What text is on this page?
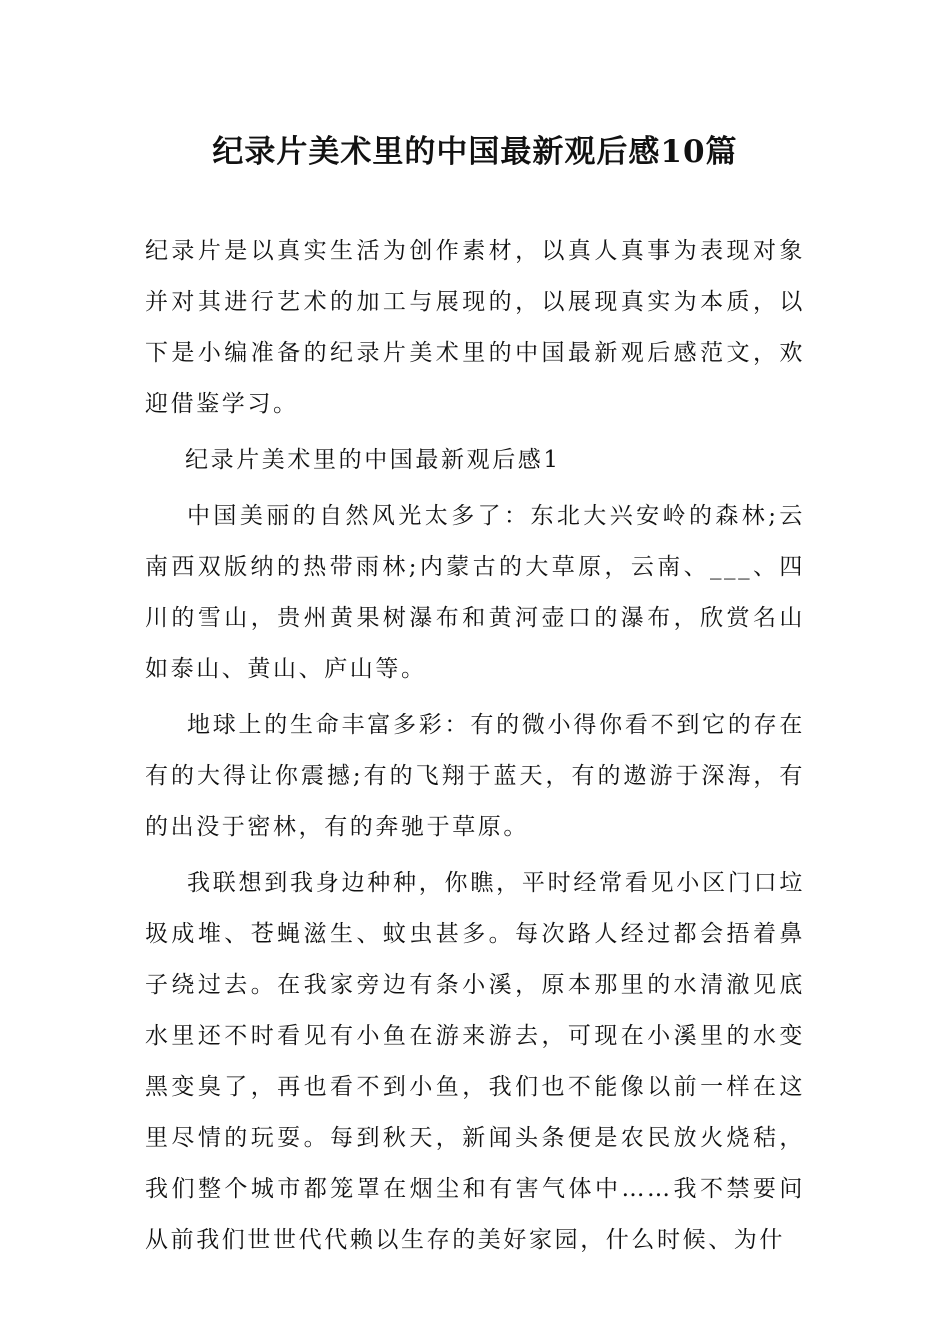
纪录片美术里的中国最新观后感10篇

纪录片是以真实生活为创作素材，以真人真事为表现对象并对其进行艺术的加工与展现的，以展现真实为本质，以下是小编准备的纪录片美术里的中国最新观后感范文，欢迎借鉴学习。

纪录片美术里的中国最新观后感1

中国美丽的自然风光太多了：东北大兴安岭的森林;云南西双版纳的热带雨林;内蒙古的大草原，云南、___、四川的雪山，贵州黄果树瀑布和黄河壶口的瀑布，欣赏名山如泰山、黄山、庐山等。

地球上的生命丰富多彩：有的微小得你看不到它的存在有的大得让你震撼;有的飞翔于蓝天，有的遨游于深海，有的出没于密林，有的奔驰于草原。

我联想到我身边种种，你瞧，平时经常看见小区门口垃圾成堆、苍蝇滋生、蚊虫甚多。每次路人经过都会捂着鼻子绕过去。在我家旁边有条小溪，原本那里的水清澈见底水里还不时看见有小鱼在游来游去，可现在小溪里的水变黑变臭了，再也看不到小鱼，我们也不能像以前一样在这里尽情的玩耍。每到秋天，新闻头条便是农民放火烧秸，我们整个城市都笼罩在烟尘和有害气体中……我不禁要问从前我们世世代代赖以生存的美好家园，什么时候、为什
